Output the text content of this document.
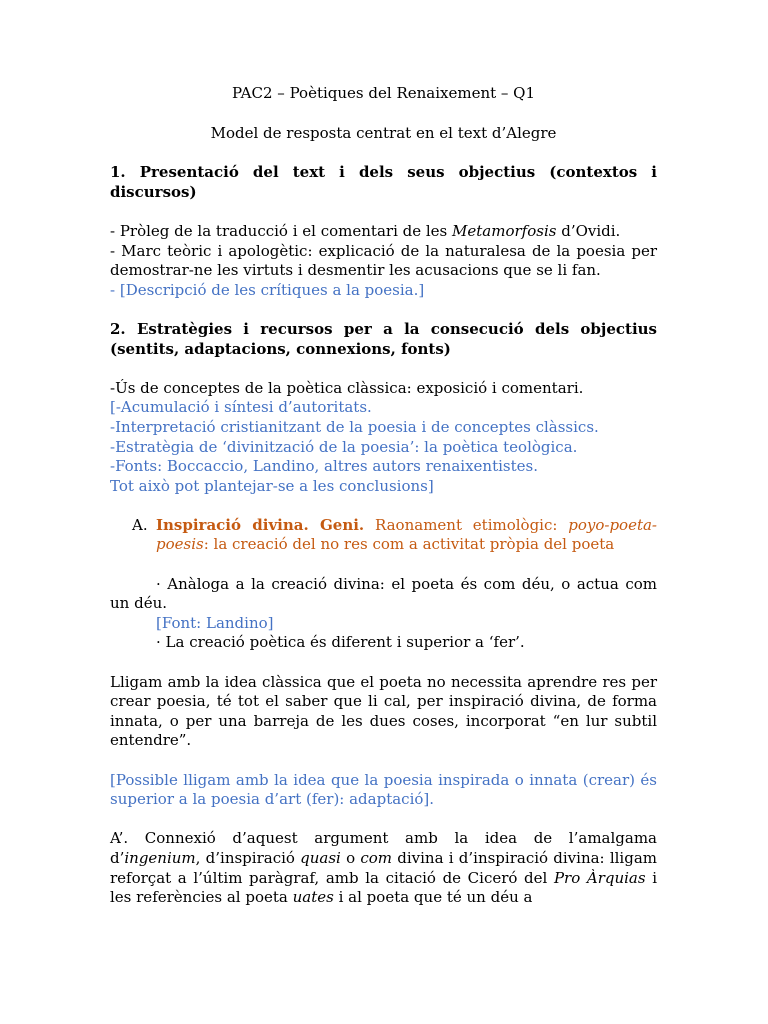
PAC2 – Poètiques del Renaixement – Q1

Model de resposta centrat en el text d’Alegre

1. Presentació del text i dels seus objectius (contextos i discursos)

- Pròleg de la traducció i el comentari de les Metamorfosis d’Ovidi.

- Marc teòric i apologètic: explicació de la naturalesa de la poesia per demostrar-ne les virtuts i desmentir les acusacions que se li fan.

- [Descripció de les crítiques a la poesia.]

2. Estratègies i recursos per a la consecució dels objectius (sentits, adaptacions, connexions, fonts)

-Ús de conceptes de la poètica clàssica: exposició i comentari.

[-Acumulació i síntesi d’autoritats.

-Interpretació cristianitzant de la poesia i de conceptes clàssics.

-Estratègia de ‘divinització de la poesia’: la poètica teològica.

-Fonts: Boccaccio, Landino, altres autors renaixentistes.

Tot això pot plantejar-se a les conclusions]

A. Inspiració divina. Geni. Raonament etimològic: poyo-poeta-poesis: la creació del no res com a activitat pròpia del poeta

· Anàloga a la creació divina: el poeta és com déu, o actua com un déu.

[Font: Landino]

· La creació poètica és diferent i superior a ‘fer’.

Lligam amb la idea clàssica que el poeta no necessita aprendre res per crear poesia, té tot el saber que li cal, per inspiració divina, de forma innata, o per una barreja de les dues coses, incorporat “en lur subtil entendre”.

[Possible lligam amb la idea que la poesia inspirada o innata (crear) és superior a la poesia d’art (fer): adaptació].

A’. Connexió d’aquest argument amb la idea de l’amalgama d’ingenium, d’inspiració quasi o com divina i d’inspiració divina: lligam reforçat a l’últim paràgraf, amb la citació de Ciceró del Pro Àrquias i les referències al poeta uates i al poeta que té un déu a
